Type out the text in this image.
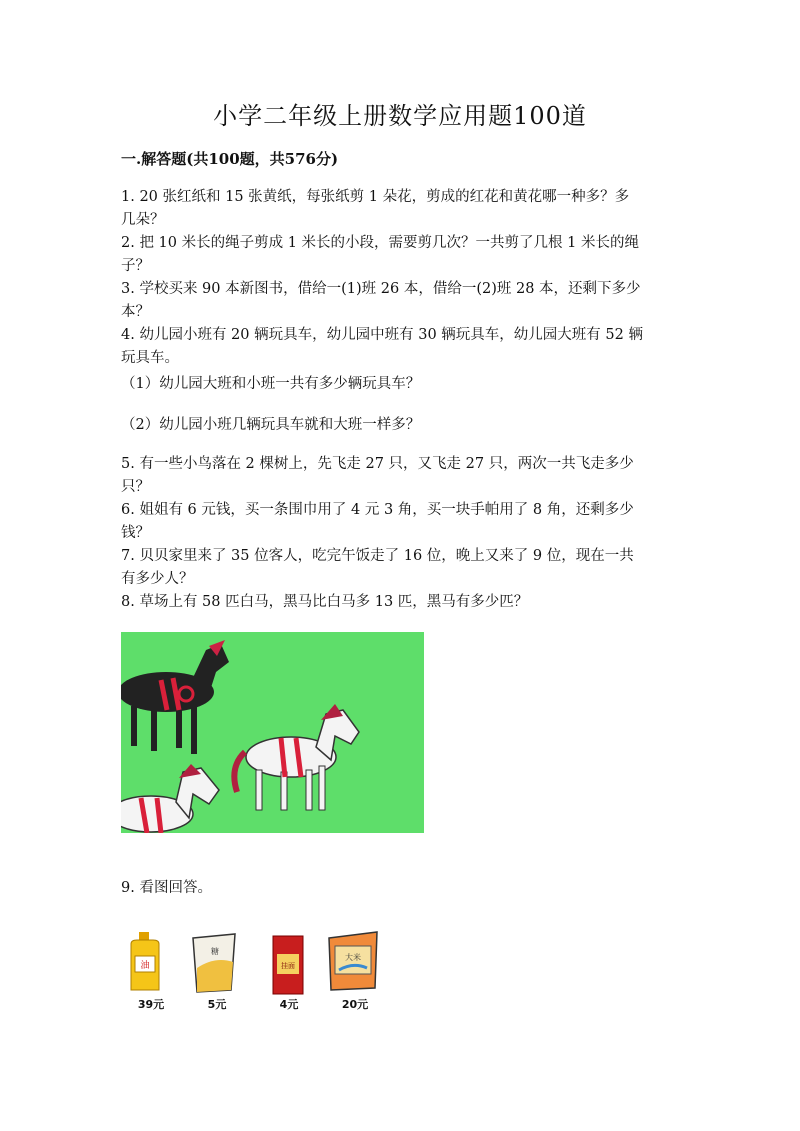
小学二年级上册数学应用题100道
一.解答题(共100题，共576分)

1. 20 张红纸和 15 张黄纸，每张纸剪 1 朵花，剪成的红花和黄花哪一种多？多

几朵？

2. 把 10 米长的绳子剪成 1 米长的小段，需要剪几次？一共剪了几根 1 米长的绳

子？

3. 学校买来 90 本新图书，借给一(1)班 26 本，借给一(2)班 28 本，还剩下多少

本？

4. 幼儿园小班有 20 辆玩具车，幼儿园中班有 30 辆玩具车，幼儿园大班有 52 辆

玩具车。

（1）幼儿园大班和小班一共有多少辆玩具车？
（2）幼儿园小班几辆玩具车就和大班一样多？

5. 有一些小鸟落在 2 棵树上，先飞走 27 只，又飞走 27 只，两次一共飞走多少

只？

6. 姐姐有 6 元钱，买一条围巾用了 4 元 3 角，买一块手帕用了 8 角，还剩多少

钱？

7. 贝贝家里来了 35 位客人，吃完午饭走了 16 位，晚上又来了 9 位，现在一共

有多少人？

8. 草场上有 58 匹白马，黑马比白马多 13 匹，黑马有多少匹？

9. 看图回答。
油
39元
糖
5元
挂面
4元
大米
20元
